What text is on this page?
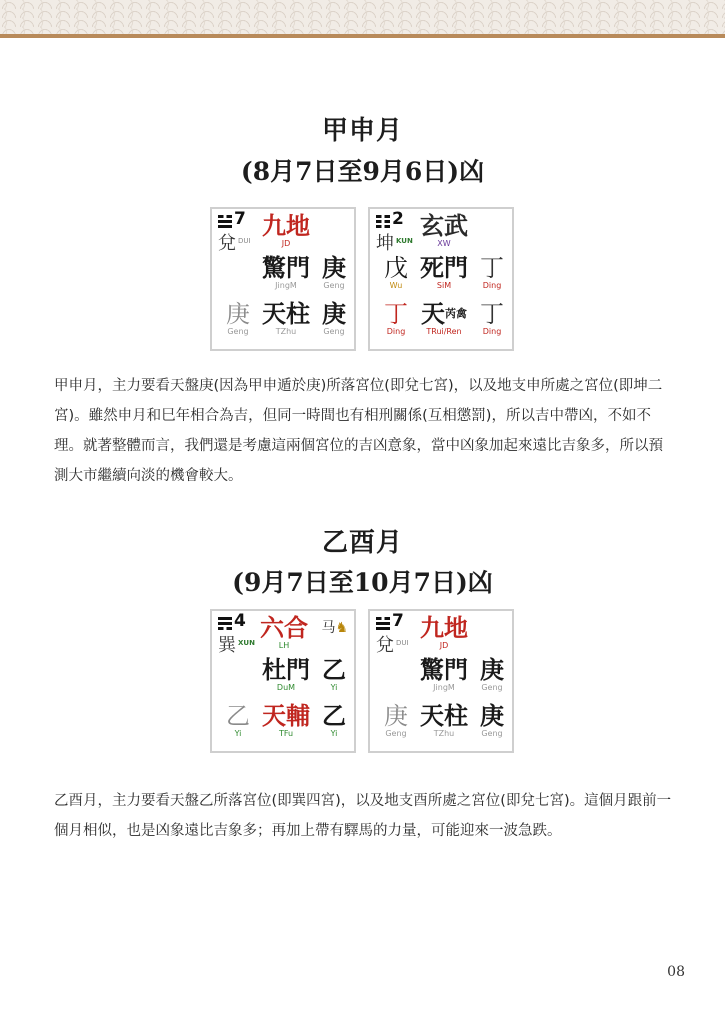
甲申月
(8月7日至9月6日)凶
7
兌 DUI
九地
JD
驚門
JingM
庚
Geng
庚
Geng
天柱
TZhu
庚
Geng
2
坤 KUN
玄武
XW
戊
Wu
死門
SiM
丁
Ding
丁
Ding
天$^{芮禽}$
TRui/Ren
丁
Ding

甲申月，主力要看天盤庚(因為甲申遁於庚)所落宮位(即兌七宮)，以及地支申所處之宮位(即坤二宮)。雖然申月和巳年相合為吉，但同一時間也有相刑關係(互相懲罰)，所以吉中帶凶，不如不理。就著整體而言，我們還是考慮這兩個宮位的吉凶意象，當中凶象加起來遠比吉象多，所以預測大市繼續向淡的機會較大。

乙酉月
(9月7日至10月7日)凶
4
巽 XUN
六合
LH
马♞
杜門
DuM
乙
Yi
乙
Yi
天輔
TFu
乙
Yi
7
兌 DUI
九地
JD
驚門
JingM
庚
Geng
庚
Geng
天柱
TZhu
庚
Geng

乙酉月，主力要看天盤乙所落宮位(即巽四宮)，以及地支酉所處之宮位(即兌七宮)。這個月跟前一個月相似，也是凶象遠比吉象多；再加上帶有驛馬的力量，可能迎來一波急跌。

08
